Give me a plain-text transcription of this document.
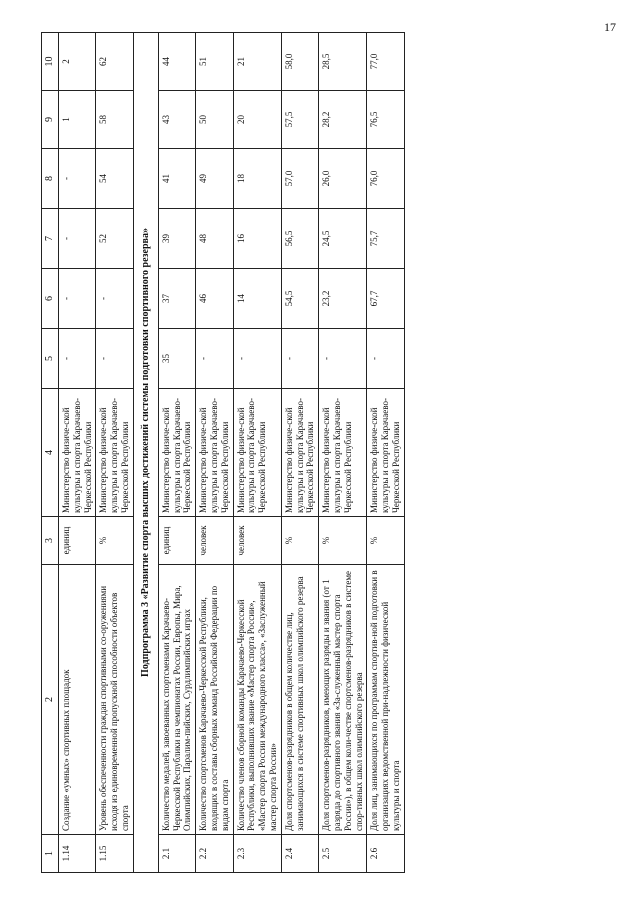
17
1	2	3	4	5	6	7	8	9	10
1.14	Создание «умных» спортивных площадок	единиц	Министерство физиче-ской культуры и спорта Карачаево-Черкесской Республики	-	-	-	-	1	2
1.15	Уровень обеспеченности граждан спортивными со-оружениями исходя из единовременной пропускной способности объектов спорта	%	Министерство физиче-ской культуры и спорта Карачаево-Черкесской Республики	-	-	52	54	58	62
Подпрограмма 3 «Развитие спорта высших достижений системы подготовки спортивного резерва»									
2.1	Количество медалей, завоеванных спортсменами Карачаево-Черкесской Республики на чемпионатах России, Европы, Мира, Олимпийских, Паралим-пийских, Сурдлимпийских играх	единиц	Министерство физиче-ской культуры и спорта Карачаево-Черкесской Республики	35	37	39	41	43	44
2.2	Количество спортсменов Карачаево-Черкесской Республики, входящих в составы сборных команд Российской Федерации по видам спорта	человек	Министерство физиче-ской культуры и спорта Карачаево-Черкесской Республики	-	46	48	49	50	51
2.3	Количество членов сборной команды Карачаево-Черкесской Республики, выполнивших звание «Мастер спорта России», «Мастер спорта России международного класса», «Заслуженный мастер спорта России»	человек	Министерство физиче-ской культуры и спорта Карачаево-Черкесской Республики	-	14	16	18	20	21
2.4	Доля спортсменов-разрядников в общем количестве лиц, занимающихся в системе спортивных школ олимпийского резерва	%	Министерство физиче-ской культуры и спорта Карачаево-Черкесской Республики	-	54,5	56,5	57,0	57,5	58,0
2.5	Доля спортсменов-разрядников, имеющих разряды и звания (от 1 разряда до спортивного звания «За-служенный мастер спорта России»), в общем коли-честве спортсменов-разрядников в системе спор-тивных школ олимпийского резерва	%	Министерство физиче-ской культуры и спорта Карачаево-Черкесской Республики	-	23,2	24,5	26,0	28,2	28,5
2.6	Доля лиц, занимающихся по программам спортив-ной подготовки в организациях ведомственной при-надлежности физической культуры и спорта	%	Министерство физиче-ской культуры и спорта Карачаево-Черкесской Республики	-	67,7	75,7	76,0	76,5	77,0
